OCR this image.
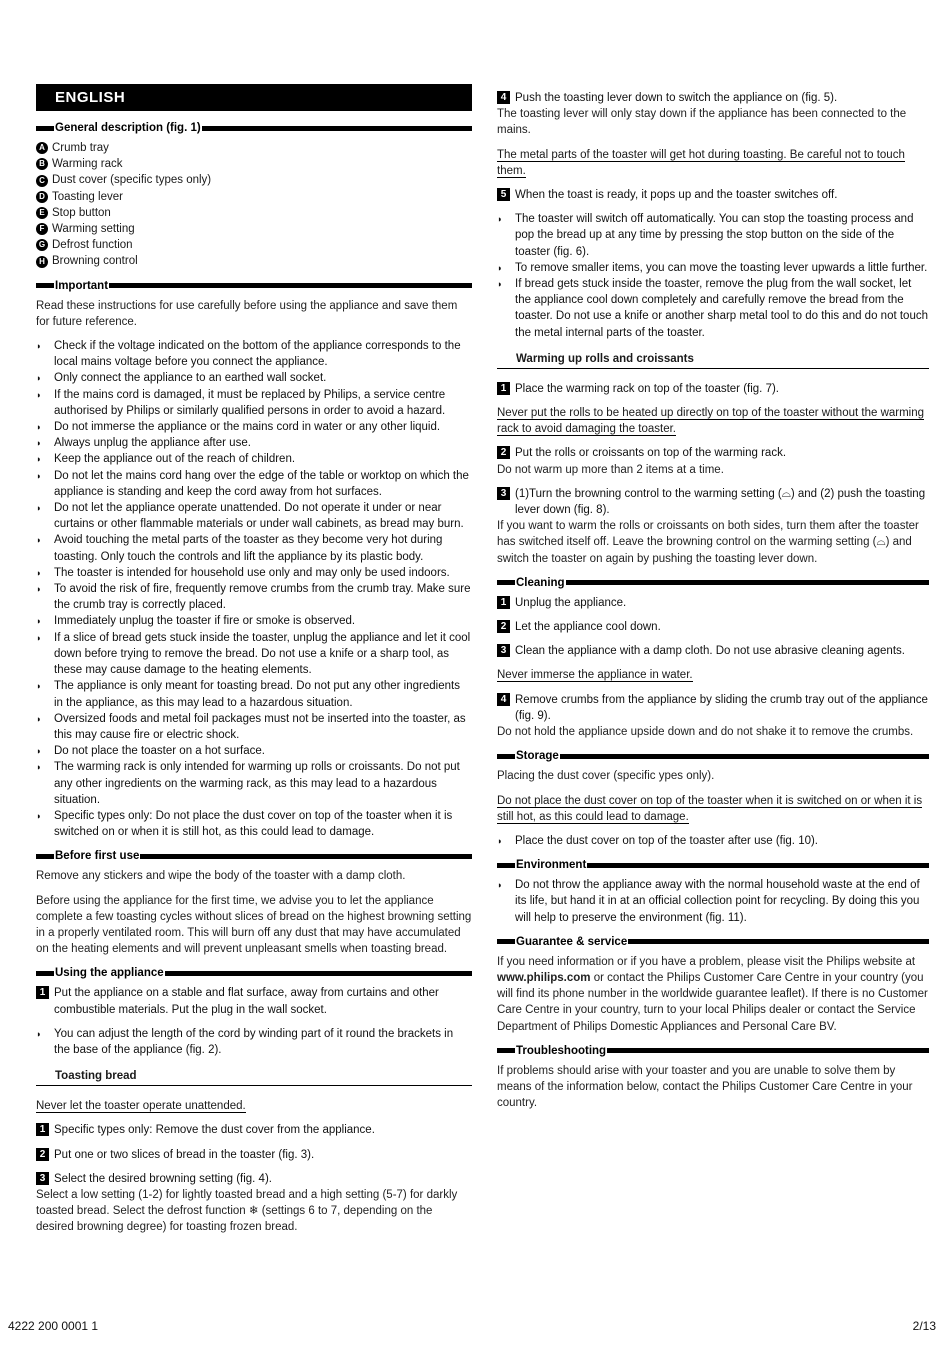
ENGLISH
General description (fig. 1)
A Crumb tray
B Warming rack
C Dust cover (specific types only)
D Toasting lever
E Stop button
F Warming setting
G Defrost function
H Browning control
Important

Read these instructions for use carefully before using the appliance and save them for future reference.

◗	Check if the voltage indicated on the bottom of the appliance corresponds to the local mains voltage before you connect the appliance.
◗	Only connect the appliance to an earthed wall socket.
◗	If the mains cord is damaged, it must be replaced by Philips, a service centre authorised by Philips or similarly qualified persons in order to avoid a hazard.
◗	Do not immerse the appliance or the mains cord in water or any other liquid.
◗	Always unplug the appliance after use.
◗	Keep the appliance out of the reach of children.
◗	Do not let the mains cord hang over the edge of the table or worktop on which the appliance is standing and keep the cord away from hot surfaces.
◗	Do not let the appliance operate unattended. Do not operate it under or near curtains or other flammable materials or under wall cabinets, as bread may burn.
◗	Avoid touching the metal parts of the toaster as they become very hot during toasting. Only touch the controls and lift the appliance by its plastic body.
◗	The toaster is intended for household use only and may only be used indoors.
◗	To avoid the risk of fire, frequently remove crumbs from the crumb tray. Make sure the crumb tray is correctly placed.
◗	Immediately unplug the toaster if fire or smoke is observed.
◗	If a slice of bread gets stuck inside the toaster, unplug the appliance and let it cool down before trying to remove the bread. Do not use a knife or a sharp tool, as these may cause damage to the heating elements.
◗	The appliance is only meant for toasting bread. Do not put any other ingredients in the appliance, as this may lead to a hazardous situation.
◗	Oversized foods and metal foil packages must not be inserted into the toaster, as this may cause fire or electric shock.
◗	Do not place the toaster on a hot surface.
◗	The warming rack is only intended for warming up rolls or croissants. Do not put any other ingredients on the warming rack, as this may lead to a hazardous situation.
◗	Specific types only: Do not place the dust cover on top of the toaster when it is switched on or when it is still hot, as this could lead to damage.
Before first use

Remove any stickers and wipe the body of the toaster with a damp cloth.

Before using the appliance for the first time, we advise you to let the appliance complete a few toasting cycles without slices of bread on the highest browning setting in a properly ventilated room. This will burn off any dust that may have accumulated on the heating elements and will prevent unpleasant smells when toasting bread.

Using the appliance
1 Put the appliance on a stable and flat surface, away from curtains and other combustible materials. Put the plug in the wall socket.
◗	You can adjust the length of the cord by winding part of it round the brackets in the base of the appliance (fig. 2).
Toasting bread

Never let the toaster operate unattended.

1 Specific types only: Remove the dust cover from the appliance.
2 Put one or two slices of bread in the toaster (fig. 3).
3 Select the desired browning setting (fig. 4).

Select a low setting (1-2) for lightly toasted bread and a high setting (5-7) for darkly toasted bread. Select the defrost function ❄ (settings 6 to 7, depending on the desired browning degree) for toasting frozen bread.

4 Push the toasting lever down to switch the appliance on (fig. 5).

The toasting lever will only stay down if the appliance has been connected to the mains.

The metal parts of the toaster will get hot during toasting. Be careful not to touch them.

5 When the toast is ready, it pops up and the toaster switches off.
◗	The toaster will switch off automatically. You can stop the toasting process and pop the bread up at any time by pressing the stop button on the side of the toaster (fig. 6).
◗	To remove smaller items, you can move the toasting lever upwards a little further.
◗	If bread gets stuck inside the toaster, remove the plug from the wall socket, let the appliance cool down completely and carefully remove the bread from the toaster. Do not use a knife or another sharp metal tool to do this and do not touch the metal internal parts of the toaster.
Warming up rolls and croissants
1 Place the warming rack on top of the toaster (fig. 7).

Never put the rolls to be heated up directly on top of the toaster without the warming rack to avoid damaging the toaster.

2 Put the rolls or croissants on top of the warming rack.

Do not warm up more than 2 items at a time.

3 (1)Turn the browning control to the warming setting (⌓) and (2) push the toasting lever down (fig. 8).

If you want to warm the rolls or croissants on both sides, turn them after the toaster has switched itself off. Leave the browning control on the warming setting (⌓) and switch the toaster on again by pushing the toasting lever down.

Cleaning
1 Unplug the appliance.
2 Let the appliance cool down.
3 Clean the appliance with a damp cloth. Do not use abrasive cleaning agents.

Never immerse the appliance in water.

4 Remove crumbs from the appliance by sliding the crumb tray out of the appliance (fig. 9).

Do not hold the appliance upside down and do not shake it to remove the crumbs.

Storage

Placing the dust cover (specific ypes only).

Do not place the dust cover on top of the toaster when it is switched on or when it is still hot, as this could lead to damage.

◗	Place the dust cover on top of the toaster after use (fig. 10).
Environment
◗	Do not throw the appliance away with the normal household waste at the end of its life, but hand it in at an official collection point for recycling. By doing this you will help to preserve the environment (fig. 11).
Guarantee & service

If you need information or if you have a problem, please visit the Philips website at www.philips.com or contact the Philips Customer Care Centre in your country (you will find its phone number in the worldwide guarantee leaflet). If there is no Customer Care Centre in your country, turn to your local Philips dealer or contact the Service Department of Philips Domestic Appliances and Personal Care BV.

Troubleshooting

If problems should arise with your toaster and you are unable to solve them by means of the information below, contact the Philips Customer Care Centre in your country.

4222 200 0001 1	2/13
